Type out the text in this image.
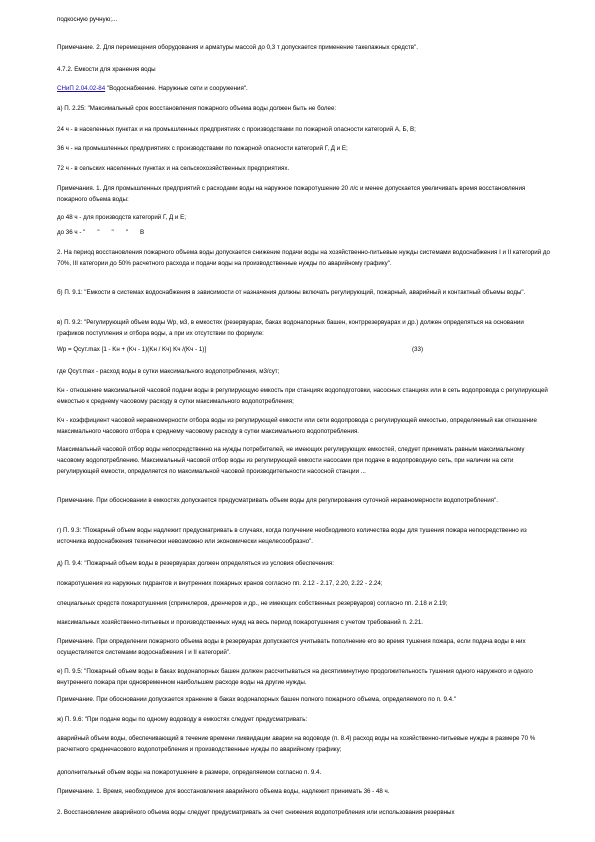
подкосную ручную;...
Примечание. 2. Для перемещения оборудования и арматуры массой до 0,3 т допускается применение такелажных средств".
4.7.2. Емкости для хранения воды
СНиП 2.04.02-84 "Водоснабжение. Наружные сети и сооружения".
а) П. 2.25: "Максимальный срок восстановления пожарного объема воды должен быть не более:
24 ч - в населенных пунктах и на промышленных предприятиях с производствами по пожарной опасности категорий А, Б, В;
36 ч - на промышленных предприятиях с производствами по пожарной опасности категорий Г, Д и Е;
72 ч - в сельских населенных пунктах и на сельскохозяйственных предприятиях.
Примечания. 1. Для промышленных предприятий с расходами воды на наружное пожаротушение 20 л/с и менее допускается увеличивать время восстановления пожарного объема воды:
до 48 ч - для производств категорий Г, Д и Е;
до 36 ч - "       "       "       "       В
2. На период восстановления пожарного объема воды допускается снижение подачи воды на хозяйственно-питьевые нужды системами водоснабжения I и II категорий до 70%, III категории до 50% расчетного расхода и подачи воды на производственные нужды по аварийному графику".
б) П. 9.1: "Емкости в системах водоснабжения в зависимости от назначения должны включать регулирующий, пожарный, аварийный и контактный объемы воды".
в) П. 9.2: "Регулирующий объем воды Wр, м3, в емкостях (резервуарах, баках водонапорных башен, контррезервуарах и др.) должен определяться на основании графиков поступления и отбора воды, а при их отсутствии по формуле:
Wр = Qсут.max [1 - Kн + (Kч - 1)(Kн / Kч) Kч /(Kч - 1)]	(33)
где Qсут.max - расход воды в сутки максимального водопотребления, м3/сут;
Kн - отношение максимальной часовой подачи воды в регулирующую емкость при станциях водоподготовки, насосных станциях или в сеть водопровода с регулирующей емкостью к среднему часовому расходу в сутки максимального водопотребления;
Kч - коэффициент часовой неравномерности отбора воды из регулирующей емкости или сети водопровода с регулирующей емкостью, определяемый как отношение максимального часового отбора к среднему часовому расходу в сутки максимального водопотребления.
Максимальный часовой отбор воды непосредственно на нужды потребителей, не имеющих регулирующих емкостей, следует принимать равным максимальному часовому водопотреблению. Максимальный часовой отбор воды из регулирующей емкости насосами при подаче в водопроводную сеть, при наличии на сети регулирующей емкости, определяется по максимальной часовой производительности насосной станции ...
Примечание. При обосновании в емкостях допускается предусматривать объем воды для регулирования суточной неравномерности водопотребления".
г) П. 9.3: "Пожарный объем воды надлежит предусматривать в случаях, когда получение необходимого количества воды для тушения пожара непосредственно из источника водоснабжения технически невозможно или экономически нецелесообразно".
д) П. 9.4: "Пожарный объем воды в резервуарах должен определяться из условия обеспечения:
пожаротушения из наружных гидрантов и внутренних пожарных кранов согласно пп. 2.12 - 2.17, 2.20, 2.22 - 2.24;
специальных средств пожаротушения (спринклеров, дренчеров и др., не имеющих собственных резервуаров) согласно пп. 2.18 и 2.19;
максимальных хозяйственно-питьевых и производственных нужд на весь период пожаротушения с учетом требований п. 2.21.
Примечание. При определении пожарного объема воды в резервуарах допускается учитывать пополнение его во время тушения пожара, если подача воды в них осуществляется системами водоснабжения I и II категорий".
е) П. 9.5: "Пожарный объем воды в баках водонапорных башен должен рассчитываться на десятиминутную продолжительность тушения одного наружного и одного внутреннего пожара при одновременном наибольшем расходе воды на другие нужды.
Примечание. При обосновании допускается хранение в баках водонапорных башен полного пожарного объема, определяемого по п. 9.4."
ж) П. 9.6: "При подаче воды по одному водоводу в емкостях следует предусматривать:
аварийный объем воды, обеспечивающий в течение времени ликвидации аварии на водоводе (п. 8.4) расход воды на хозяйственно-питьевые нужды в размере 70 % расчетного среднечасового водопотребления и производственные нужды по аварийному графику;
дополнительный объем воды на пожаротушение в размере, определяемом согласно п. 9.4.
Примечание. 1. Время, необходимое для восстановления аварийного объема воды, надлежит принимать 36 - 48 ч.
2. Восстановление аварийного объема воды следует предусматривать за счет снижения водопотребления или использования резервных
